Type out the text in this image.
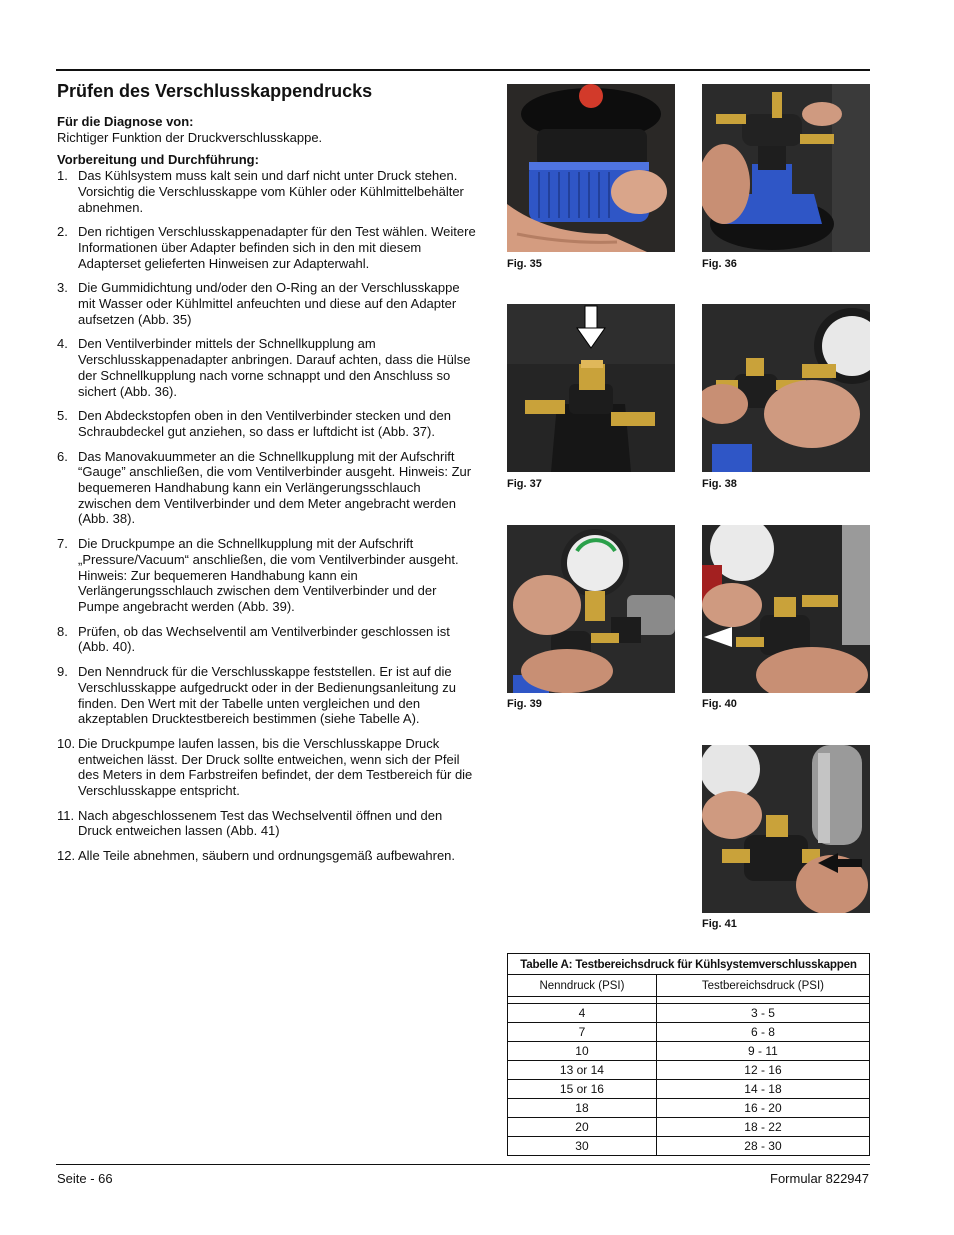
Prüfen des Verschlusskappendrucks
Für die Diagnose von:
Richtiger Funktion der Druckverschlusskappe.
Vorbereitung und Durchführung:
1. Das Kühlsystem muss kalt sein und darf nicht unter Druck stehen. Vorsichtig die Verschlusskappe vom Kühler oder Kühlmittelbehälter abnehmen.
2. Den richtigen Verschlusskappenadapter für den Test wählen. Weitere Informationen über Adapter befinden sich in den mit diesem Adapterset gelieferten Hinweisen zur Adapterwahl.
3. Die Gummidichtung und/oder den O-Ring an der Verschlusskappe mit Wasser oder Kühlmittel anfeuchten und diese auf den Adapter aufsetzen (Abb. 35)
4. Den Ventilverbinder mittels der Schnellkupplung am Verschlusskappenadapter anbringen. Darauf achten, dass die Hülse der Schnellkupplung nach vorne schnappt und den Anschluss so sichert (Abb. 36).
5. Den Abdeckstopfen oben in den Ventilverbinder stecken und den Schraubdeckel gut anziehen, so dass er luftdicht ist (Abb. 37).
6. Das Manovakuummeter an die Schnellkupplung mit der Aufschrift “Gauge” anschließen, die vom Ventilverbinder ausgeht. Hinweis: Zur bequemeren Handhabung kann ein Verlängerungsschlauch zwischen dem Ventilverbinder und dem Meter angebracht werden (Abb. 38).
7. Die Druckpumpe an die Schnellkupplung mit der Aufschrift „Pressure/Vacuum“ anschließen, die vom Ventilverbinder ausgeht. Hinweis: Zur bequemeren Handhabung kann ein Verlängerungsschlauch zwischen dem Ventilverbinder und der Pumpe angebracht werden (Abb. 39).
8. Prüfen, ob das Wechselventil am Ventilverbinder geschlossen ist (Abb. 40).
9. Den Nenndruck für die Verschlusskappe feststellen. Er ist auf die Verschlusskappe aufgedruckt oder in der Bedienungsanleitung zu finden. Den Wert mit der Tabelle unten vergleichen und den akzeptablen Drucktestbereich bestimmen (siehe Tabelle A).
10. Die Druckpumpe laufen lassen, bis die Verschlusskappe Druck entweichen lässt. Der Druck sollte entweichen, wenn sich der Pfeil des Meters in dem Farbstreifen befindet, der dem Testbereich für die Verschlusskappe entspricht.
11. Nach abgeschlossenem Test das Wechselventil öffnen und den Druck entweichen lassen (Abb. 41)
12. Alle Teile abnehmen, säubern und ordnungsgemäß aufbewahren.
Fig. 35	Fig. 36
Fig. 37	Fig. 38
Fig. 39	Fig. 40
Fig. 41
Tabelle A: Testbereichsdruck für Kühlsystemverschlusskappen	
Nenndruck (PSI)	Testbereichsdruck (PSI)

4	3 - 5
7	6 - 8
10	9 - 11
13 or 14	12 - 16
15 or 16	14 - 18
18	16 - 20
20	18 - 22
30	28 - 30
Seite - 66	Formular 822947
